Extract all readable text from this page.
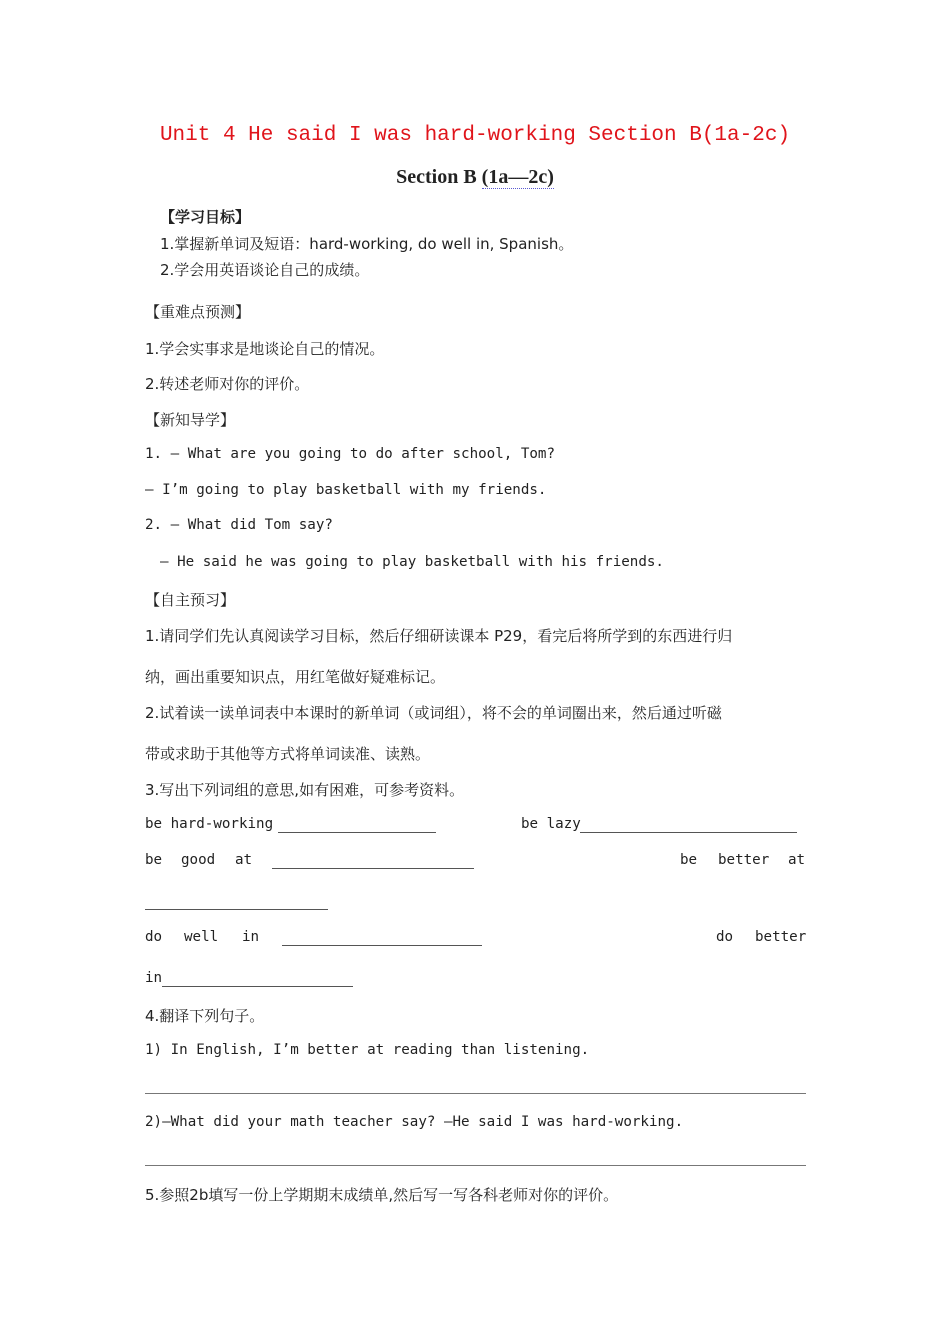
Unit 4 He said I was hard-working Section B(1a-2c)
Section B (1a—2c)
【学习目标】
1.掌握新单词及短语：hard-working, do well in, Spanish。
2.学会用英语谈论自己的成绩。
【重难点预测】
1.学会实事求是地谈论自己的情况。
2.转述老师对你的评价。
【新知导学】
1. — What are you going to do after school, Tom?
— I’m going to play basketball with my friends.
2. — What did Tom say?
— He said he was going to play basketball with his friends.
【自主预习】
1.请同学们先认真阅读学习目标，然后仔细研读课本 P29，看完后将所学到的东西进行归
纳，画出重要知识点，用红笔做好疑难标记。
2.试着读一读单词表中本课时的新单词（或词组），将不会的单词圈出来，然后通过听磁
带或求助于其他等方式将单词读准、读熟。
3.写出下列词组的意思,如有困难，可参考资料。
be hard-working	be lazy
be good at	be better at
do well in	do better
in
4.翻译下列句子。
1) In English, I’m better at reading than listening.
2)—What did your math teacher say? —He said I was hard-working.
5.参照2b填写一份上学期期末成绩单,然后写一写各科老师对你的评价。
